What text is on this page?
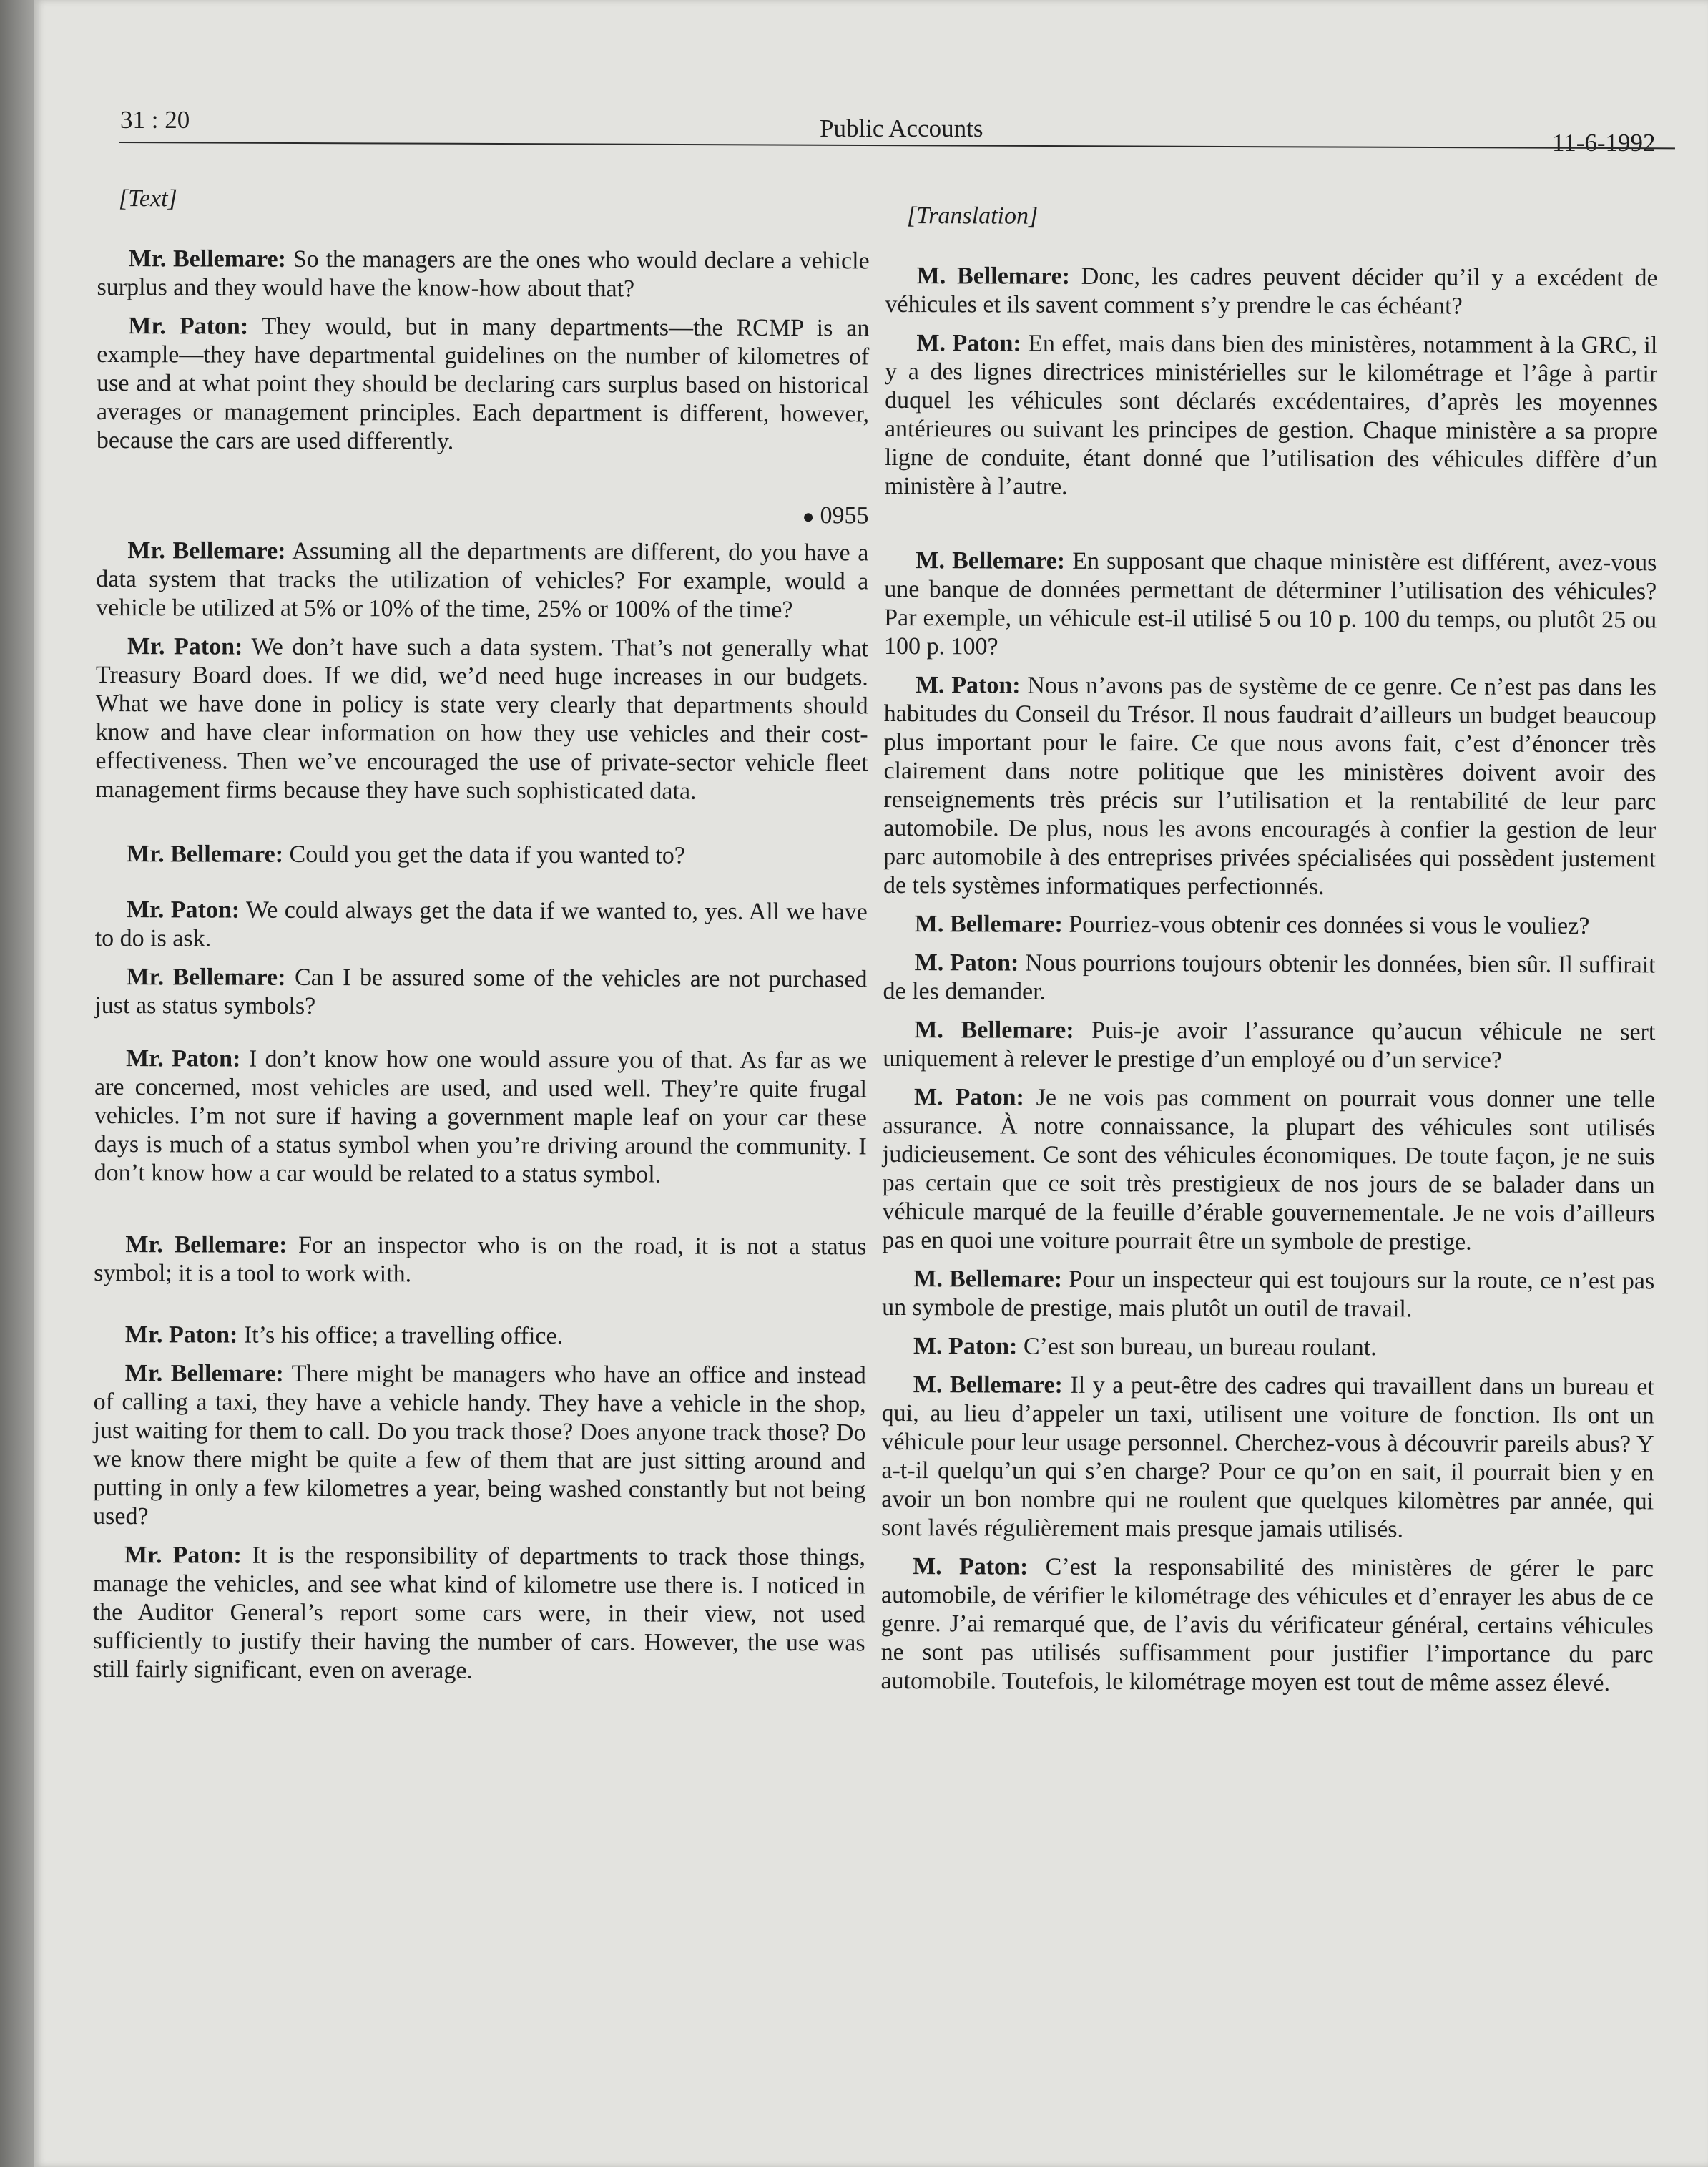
31 : 20	Public Accounts
11-6-1992
[Text]

Mr. Bellemare: So the managers are the ones who would declare a vehicle surplus and they would have the know-how about that?

Mr. Paton: They would, but in many departments—the RCMP is an example—they have departmental guidelines on the number of kilometres of use and at what point they should be declaring cars surplus based on historical averages or management principles. Each department is different, however, because the cars are used differently.

● 0955

Mr. Bellemare: Assuming all the departments are different, do you have a data system that tracks the utilization of vehicles? For example, would a vehicle be utilized at 5% or 10% of the time, 25% or 100% of the time?

Mr. Paton: We don’t have such a data system. That’s not generally what Treasury Board does. If we did, we’d need huge increases in our budgets. What we have done in policy is state very clearly that departments should know and have clear information on how they use vehicles and their cost-effectiveness. Then we’ve encouraged the use of private-sector vehicle fleet management firms because they have such sophisticated data.

Mr. Bellemare: Could you get the data if you wanted to?

Mr. Paton: We could always get the data if we wanted to, yes. All we have to do is ask.

Mr. Bellemare: Can I be assured some of the vehicles are not purchased just as status symbols?

Mr. Paton: I don’t know how one would assure you of that. As far as we are concerned, most vehicles are used, and used well. They’re quite frugal vehicles. I’m not sure if having a government maple leaf on your car these days is much of a status symbol when you’re driving around the community. I don’t know how a car would be related to a status symbol.

Mr. Bellemare: For an inspector who is on the road, it is not a status symbol; it is a tool to work with.

Mr. Paton: It’s his office; a travelling office.

Mr. Bellemare: There might be managers who have an office and instead of calling a taxi, they have a vehicle handy. They have a vehicle in the shop, just waiting for them to call. Do you track those? Does anyone track those? Do we know there might be quite a few of them that are just sitting around and putting in only a few kilometres a year, being washed constantly but not being used?

Mr. Paton: It is the responsibility of departments to track those things, manage the vehicles, and see what kind of kilometre use there is. I noticed in the Auditor General’s report some cars were, in their view, not used sufficiently to justify their having the number of cars. However, the use was still fairly significant, even on average.

[Translation]

M. Bellemare: Donc, les cadres peuvent décider qu’il y a excédent de véhicules et ils savent comment s’y prendre le cas échéant?

M. Paton: En effet, mais dans bien des ministères, notamment à la GRC, il y a des lignes directrices ministérielles sur le kilométrage et l’âge à partir duquel les véhicules sont déclarés excédentaires, d’après les moyennes antérieures ou suivant les principes de gestion. Chaque ministère a sa propre ligne de conduite, étant donné que l’utilisation des véhicules diffère d’un ministère à l’autre.

M. Bellemare: En supposant que chaque ministère est différent, avez-vous une banque de données permettant de déterminer l’utilisation des véhicules? Par exemple, un véhicule est-il utilisé 5 ou 10 p. 100 du temps, ou plutôt 25 ou 100 p. 100?

M. Paton: Nous n’avons pas de système de ce genre. Ce n’est pas dans les habitudes du Conseil du Trésor. Il nous faudrait d’ailleurs un budget beaucoup plus important pour le faire. Ce que nous avons fait, c’est d’énoncer très clairement dans notre politique que les ministères doivent avoir des renseignements très précis sur l’utilisation et la rentabilité de leur parc automobile. De plus, nous les avons encouragés à confier la gestion de leur parc automobile à des entreprises privées spécialisées qui possèdent justement de tels systèmes informatiques perfectionnés.

M. Bellemare: Pourriez-vous obtenir ces données si vous le vouliez?

M. Paton: Nous pourrions toujours obtenir les données, bien sûr. Il suffirait de les demander.

M. Bellemare: Puis-je avoir l’assurance qu’aucun véhicule ne sert uniquement à relever le prestige d’un employé ou d’un service?

M. Paton: Je ne vois pas comment on pourrait vous donner une telle assurance. À notre connaissance, la plupart des véhicules sont utilisés judicieusement. Ce sont des véhicules économiques. De toute façon, je ne suis pas certain que ce soit très prestigieux de nos jours de se balader dans un véhicule marqué de la feuille d’érable gouvernementale. Je ne vois d’ailleurs pas en quoi une voiture pourrait être un symbole de prestige.

M. Bellemare: Pour un inspecteur qui est toujours sur la route, ce n’est pas un symbole de prestige, mais plutôt un outil de travail.

M. Paton: C’est son bureau, un bureau roulant.

M. Bellemare: Il y a peut-être des cadres qui travaillent dans un bureau et qui, au lieu d’appeler un taxi, utilisent une voiture de fonction. Ils ont un véhicule pour leur usage personnel. Cherchez-vous à découvrir pareils abus? Y a-t-il quelqu’un qui s’en charge? Pour ce qu’on en sait, il pourrait bien y en avoir un bon nombre qui ne roulent que quelques kilomètres par année, qui sont lavés régulièrement mais presque jamais utilisés.

M. Paton: C’est la responsabilité des ministères de gérer le parc automobile, de vérifier le kilométrage des véhicules et d’enrayer les abus de ce genre. J’ai remarqué que, de l’avis du vérificateur général, certains véhicules ne sont pas utilisés suffisamment pour justifier l’importance du parc automobile. Toutefois, le kilométrage moyen est tout de même assez élevé.
